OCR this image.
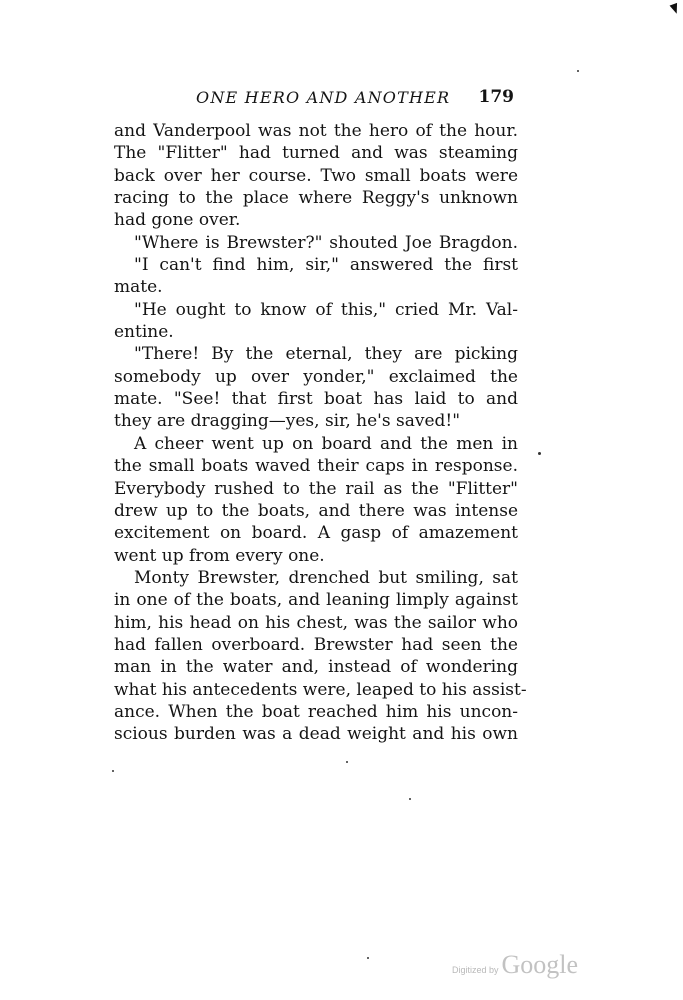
ONE HERO AND ANOTHER 179
and Vanderpool was not the hero of the hour.
The "Flitter" had turned and was steaming
back over her course. Two small boats were
racing to the place where Reggy's unknown
had gone over.
"Where is Brewster?" shouted Joe Bragdon.
"I can't find him, sir," answered the first
mate.
"He ought to know of this," cried Mr. Val-
entine.
"There! By the eternal, they are picking
somebody up over yonder," exclaimed the
mate. "See! that first boat has laid to and
they are dragging—yes, sir, he's saved!"
A cheer went up on board and the men in
the small boats waved their caps in response.
Everybody rushed to the rail as the "Flitter"
drew up to the boats, and there was intense
excitement on board. A gasp of amazement
went up from every one.
Monty Brewster, drenched but smiling, sat
in one of the boats, and leaning limply against
him, his head on his chest, was the sailor who
had fallen overboard. Brewster had seen the
man in the water and, instead of wondering
what his antecedents were, leaped to his assist-
ance. When the boat reached him his uncon-
scious burden was a dead weight and his own
Digitized by Google
